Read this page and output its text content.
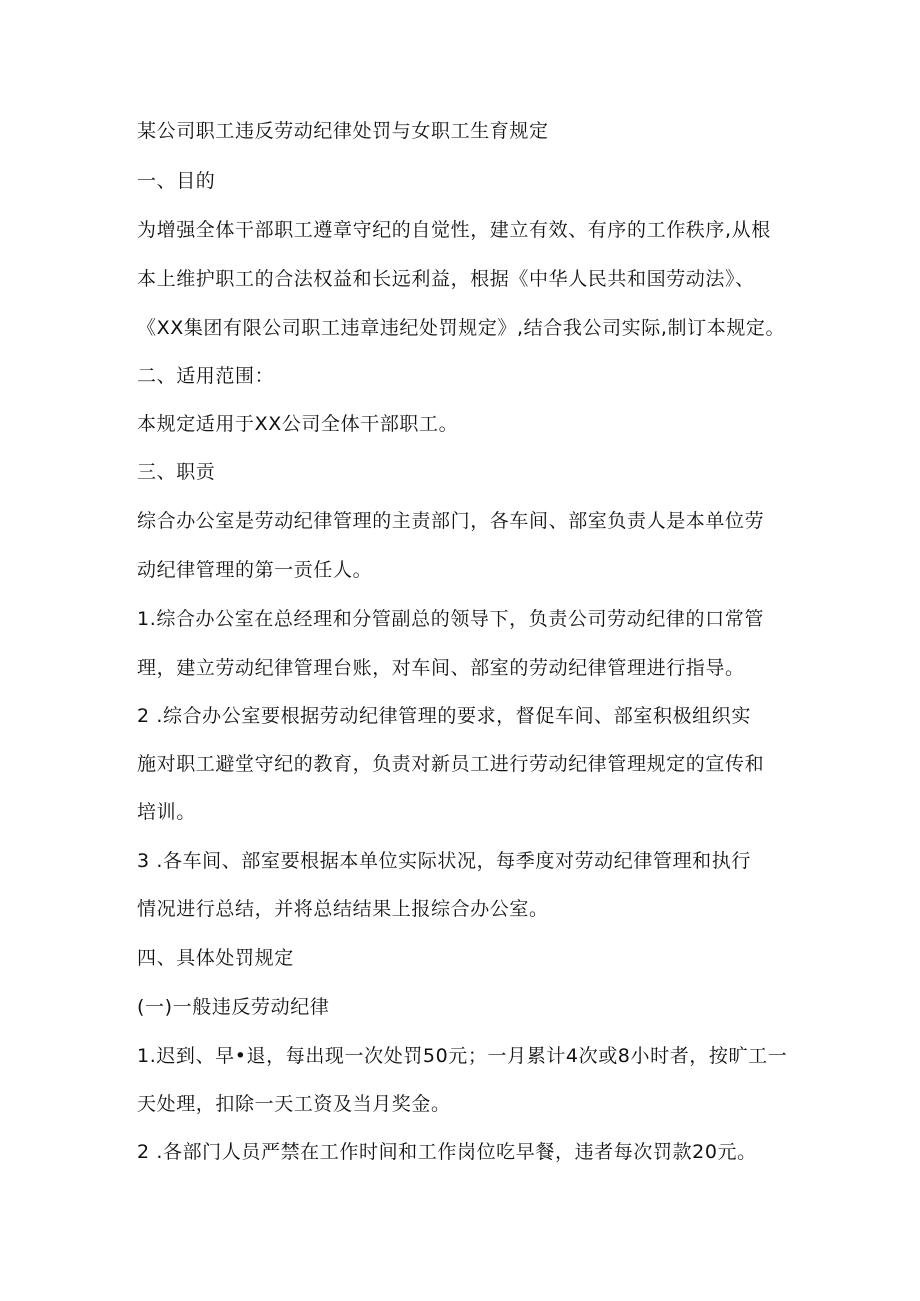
某公司职工违反劳动纪律处罚与女职工生育规定
一、目的
为增强全体干部职工遵章守纪的自觉性，建立有效、有序的工作秩序,从根
本上维护职工的合法权益和长远利益，根据《中华人民共和国劳动法》、
《XX集团有限公司职工违章违纪处罚规定》,结合我公司实际,制订本规定。
二、适用范围：
本规定适用于XX公司全体干部职工。
三、职贡
综合办公室是劳动纪律管理的主责部门，各车间、部室负责人是本单位劳
动纪律管理的第一贡任人。
1.综合办公室在总经理和分管副总的领导下，负责公司劳动纪律的口常管
理，建立劳动纪律管理台账，对车间、部室的劳动纪律管理进行指导。
2 .综合办公室要根据劳动纪律管理的要求，督促车间、部室积极组织实
施对职工避堂守纪的教育，负责对新员工进行劳动纪律管理规定的宣传和
培训。
3 .各车间、部室要根据本单位实际状况，每季度对劳动纪律管理和执行
情况进行总结，并将总结结果上报综合办公室。
四、具体处罚规定
(一)一般违反劳动纪律
1.迟到、早•退，每出现一次处罚50元；一月累计4次或8小时者，按旷工一
天处理，扣除一天工资及当月奖金。
2 .各部门人员严禁在工作时间和工作岗位吃早餐，违者每次罚款20元。
